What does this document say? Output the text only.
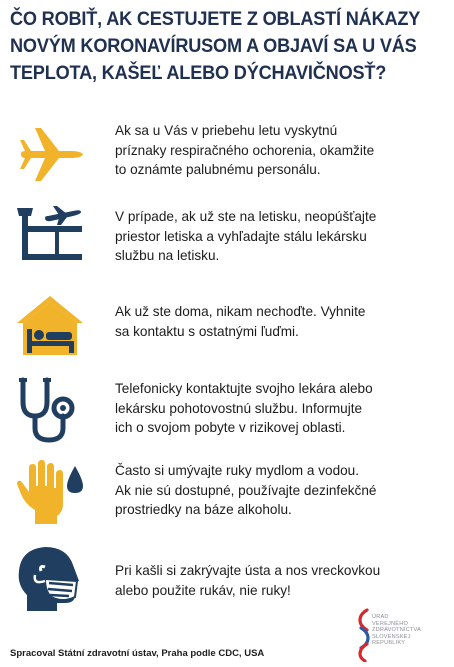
ČO ROBIŤ, AK CESTUJETE Z OBLASTÍ NÁKAZY
NOVÝM KORONAVÍRUSOM A OBJAVÍ SA U VÁS
TEPLOTA, KAŠEĽ ALEBO DÝCHAVIČNOSŤ?
Ak sa u Vás v priebehu letu vyskytnú
príznaky respiračného ochorenia, okamžite
to oznámte palubnému personálu.
V prípade, ak už ste na letisku, neopúšťajte
priestor letiska a vyhľadajte stálu lekársku
službu na letisku.
Ak už ste doma, nikam nechoďte. Vyhnite
sa kontaktu s ostatnými ľuďmi.
Telefonicky kontaktujte svojho lekára alebo
lekársku pohotovostnú službu. Informujte
ich o svojom pobyte v rizikovej oblasti.
Často si umývajte ruky mydlom a vodou.
Ak nie sú dostupné, používajte dezinfekčné
prostriedky na báze alkoholu.
Pri kašli si zakrývajte ústa a nos vreckovkou
alebo použite rukáv, nie ruky!
Spracoval Státní zdravotní ústav, Praha podle CDC, USA
ÚRAD
VEREJNÉHO
ZDRAVOTNÍCTVA
SLOVENSKEJ
REPUBLIKY
